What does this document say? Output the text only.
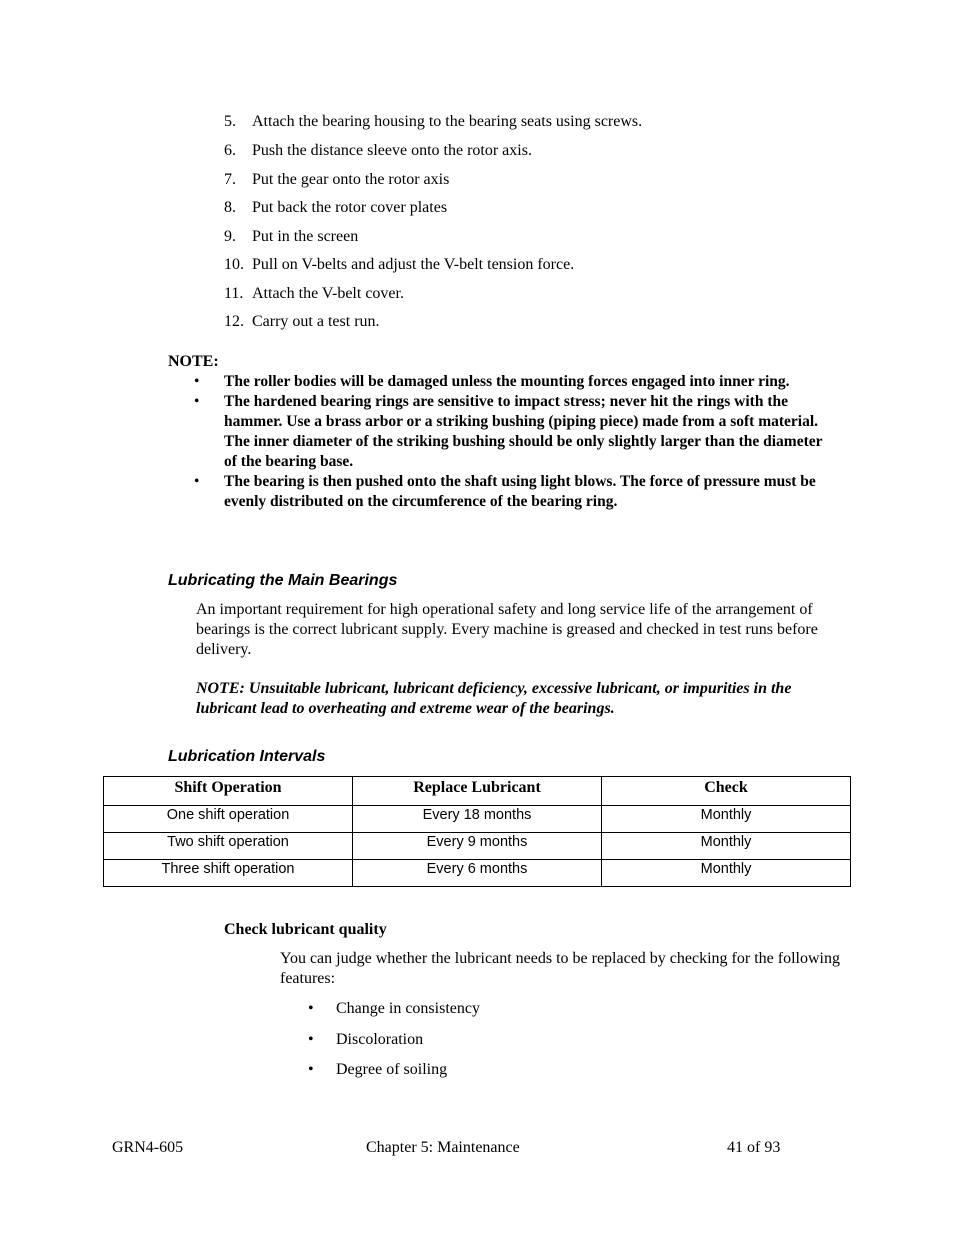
5. Attach the bearing housing to the bearing seats using screws.
6. Push the distance sleeve onto the rotor axis.
7. Put the gear onto the rotor axis
8. Put back the rotor cover plates
9. Put in the screen
10. Pull on V-belts and adjust the V-belt tension force.
11. Attach the V-belt cover.
12. Carry out a test run.
NOTE:
• The roller bodies will be damaged unless the mounting forces engaged into inner ring.
• The hardened bearing rings are sensitive to impact stress; never hit the rings with the hammer. Use a brass arbor or a striking bushing (piping piece) made from a soft material. The inner diameter of the striking bushing should be only slightly larger than the diameter of the bearing base.
• The bearing is then pushed onto the shaft using light blows. The force of pressure must be evenly distributed on the circumference of the bearing ring.
Lubricating the Main Bearings
An important requirement for high operational safety and long service life of the arrangement of bearings is the correct lubricant supply. Every machine is greased and checked in test runs before delivery.
NOTE: Unsuitable lubricant, lubricant deficiency, excessive lubricant, or impurities in the lubricant lead to overheating and extreme wear of the bearings.
Lubrication Intervals
Shift Operation	Replace Lubricant	Check
One shift operation	Every 18 months	Monthly
Two shift operation	Every 9 months	Monthly
Three shift operation	Every 6 months	Monthly
Check lubricant quality
You can judge whether the lubricant needs to be replaced by checking for the following features:
• Change in consistency
• Discoloration
• Degree of soiling
GRN4-605	Chapter 5: Maintenance	41 of 93
